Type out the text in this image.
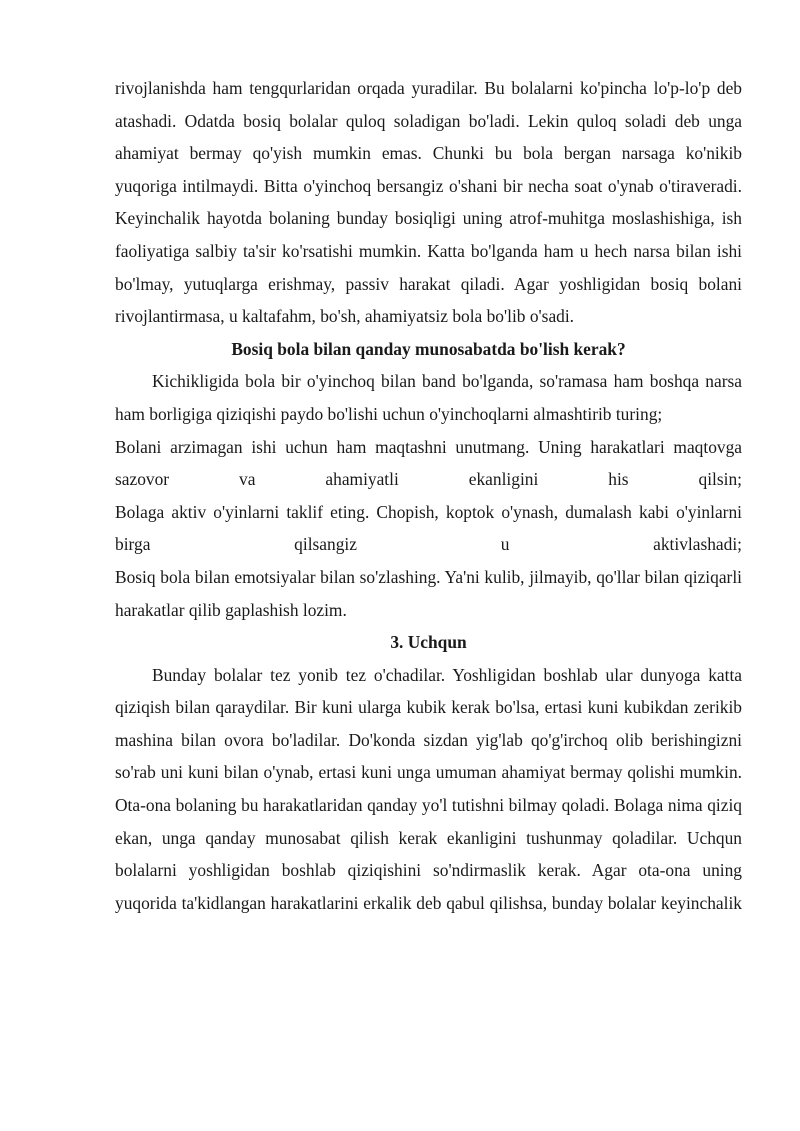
rivojlanishda ham tengqurlaridan orqada yuradilar. Bu bolalarni ko'pincha lo'p-lo'p deb atashadi. Odatda bosiq bolalar quloq soladigan bo'ladi. Lekin quloq soladi deb unga ahamiyat bermay qo'yish mumkin emas. Chunki bu bola bergan narsaga ko'nikib yuqoriga intilmaydi. Bitta o'yinchoq bersangiz o'shani bir necha soat o'ynab o'tiraveradi. Keyinchalik hayotda bolaning bunday bosiqligi uning atrof-muhitga moslashishiga, ish faoliyatiga salbiy ta'sir ko'rsatishi mumkin. Katta bo'lganda ham u hech narsa bilan ishi bo'lmay, yutuqlarga erishmay, passiv harakat qiladi. Agar yoshligidan bosiq bolani rivojlantirmasa, u kaltafahm, bo'sh, ahamiyatsiz bola bo'lib o'sadi.

Bosiq bola bilan qanday munosabatda bo'lish kerak?

Kichikligida bola bir o'yinchoq bilan band bo'lganda, so'ramasa ham boshqa narsa ham borligiga qiziqishi paydo bo'lishi uchun o'yinchoqlarni almashtirib turing;

Bolani arzimagan ishi uchun ham maqtashni unutmang. Uning harakatlari maqtovga sazovor va ahamiyatli ekanligini his qilsin;

Bolaga aktiv o'yinlarni taklif eting. Chopish, koptok o'ynash, dumalash kabi o'yinlarni birga qilsangiz u aktivlashadi;

Bosiq bola bilan emotsiyalar bilan so'zlashing. Ya'ni kulib, jilmayib, qo'llar bilan qiziqarli harakatlar qilib gaplashish lozim.

3. Uchqun

Bunday bolalar tez yonib tez o'chadilar. Yoshligidan boshlab ular dunyoga katta qiziqish bilan qaraydilar. Bir kuni ularga kubik kerak bo'lsa, ertasi kuni kubikdan zerikib mashina bilan ovora bo'ladilar. Do'konda sizdan yig'lab qo'g'irchoq olib berishingizni so'rab uni kuni bilan o'ynab, ertasi kuni unga umuman ahamiyat bermay qolishi mumkin. Ota-ona bolaning bu harakatlaridan qanday yo'l tutishni bilmay qoladi. Bolaga nima qiziq ekan, unga qanday munosabat qilish kerak ekanligini tushunmay qoladilar. Uchqun bolalarni yoshligidan boshlab qiziqishini so'ndirmaslik kerak. Agar ota-ona uning yuqorida ta'kidlangan harakatlarini erkalik deb qabul qilishsa, bunday bolalar keyinchalik
